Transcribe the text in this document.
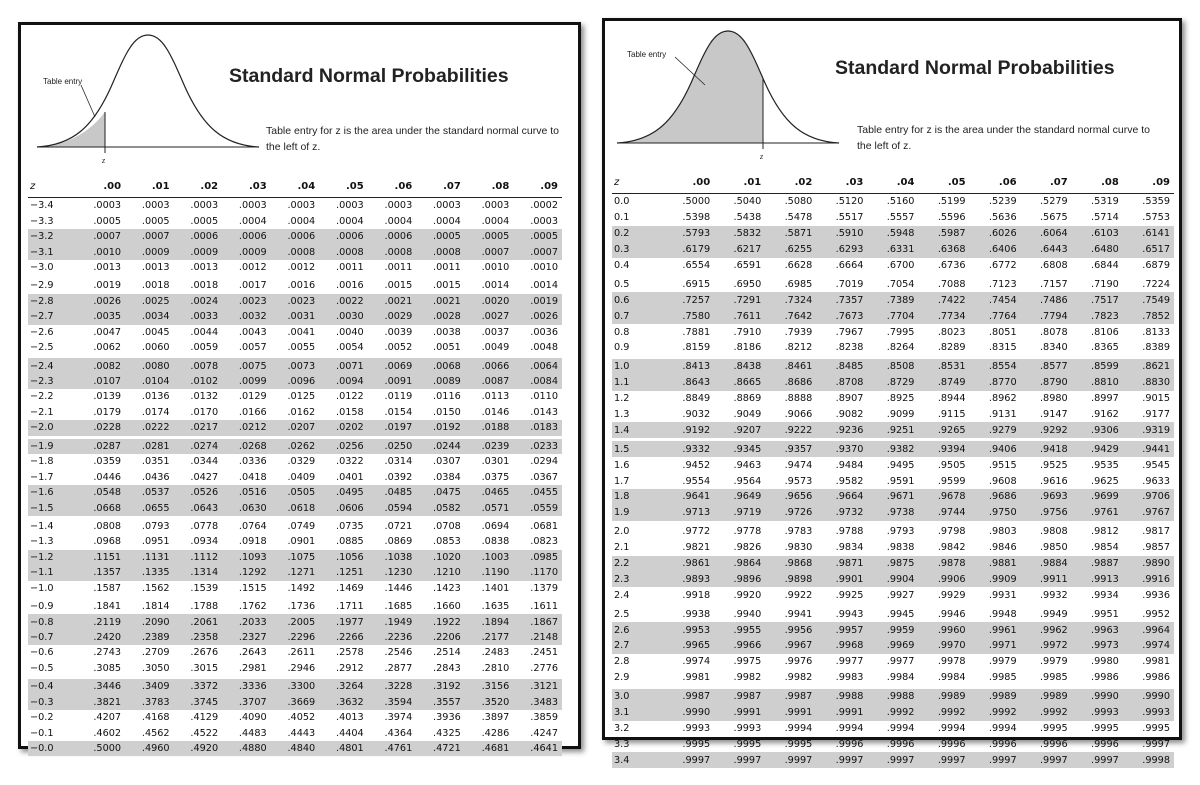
Table entry
z
Standard Normal Probabilities
Table entry for z is the area under the standard normal curve to the left of z.
z	.00	.01	.02	.03	.04	.05	.06	.07	.08	.09
−3.4	.0003	.0003	.0003	.0003	.0003	.0003	.0003	.0003	.0003	.0002
−3.3	.0005	.0005	.0005	.0004	.0004	.0004	.0004	.0004	.0004	.0003
−3.2	.0007	.0007	.0006	.0006	.0006	.0006	.0006	.0005	.0005	.0005
−3.1	.0010	.0009	.0009	.0009	.0008	.0008	.0008	.0008	.0007	.0007
−3.0	.0013	.0013	.0013	.0012	.0012	.0011	.0011	.0011	.0010	.0010
−2.9	.0019	.0018	.0018	.0017	.0016	.0016	.0015	.0015	.0014	.0014
−2.8	.0026	.0025	.0024	.0023	.0023	.0022	.0021	.0021	.0020	.0019
−2.7	.0035	.0034	.0033	.0032	.0031	.0030	.0029	.0028	.0027	.0026
−2.6	.0047	.0045	.0044	.0043	.0041	.0040	.0039	.0038	.0037	.0036
−2.5	.0062	.0060	.0059	.0057	.0055	.0054	.0052	.0051	.0049	.0048
−2.4	.0082	.0080	.0078	.0075	.0073	.0071	.0069	.0068	.0066	.0064
−2.3	.0107	.0104	.0102	.0099	.0096	.0094	.0091	.0089	.0087	.0084
−2.2	.0139	.0136	.0132	.0129	.0125	.0122	.0119	.0116	.0113	.0110
−2.1	.0179	.0174	.0170	.0166	.0162	.0158	.0154	.0150	.0146	.0143
−2.0	.0228	.0222	.0217	.0212	.0207	.0202	.0197	.0192	.0188	.0183
−1.9	.0287	.0281	.0274	.0268	.0262	.0256	.0250	.0244	.0239	.0233
−1.8	.0359	.0351	.0344	.0336	.0329	.0322	.0314	.0307	.0301	.0294
−1.7	.0446	.0436	.0427	.0418	.0409	.0401	.0392	.0384	.0375	.0367
−1.6	.0548	.0537	.0526	.0516	.0505	.0495	.0485	.0475	.0465	.0455
−1.5	.0668	.0655	.0643	.0630	.0618	.0606	.0594	.0582	.0571	.0559
−1.4	.0808	.0793	.0778	.0764	.0749	.0735	.0721	.0708	.0694	.0681
−1.3	.0968	.0951	.0934	.0918	.0901	.0885	.0869	.0853	.0838	.0823
−1.2	.1151	.1131	.1112	.1093	.1075	.1056	.1038	.1020	.1003	.0985
−1.1	.1357	.1335	.1314	.1292	.1271	.1251	.1230	.1210	.1190	.1170
−1.0	.1587	.1562	.1539	.1515	.1492	.1469	.1446	.1423	.1401	.1379
−0.9	.1841	.1814	.1788	.1762	.1736	.1711	.1685	.1660	.1635	.1611
−0.8	.2119	.2090	.2061	.2033	.2005	.1977	.1949	.1922	.1894	.1867
−0.7	.2420	.2389	.2358	.2327	.2296	.2266	.2236	.2206	.2177	.2148
−0.6	.2743	.2709	.2676	.2643	.2611	.2578	.2546	.2514	.2483	.2451
−0.5	.3085	.3050	.3015	.2981	.2946	.2912	.2877	.2843	.2810	.2776
−0.4	.3446	.3409	.3372	.3336	.3300	.3264	.3228	.3192	.3156	.3121
−0.3	.3821	.3783	.3745	.3707	.3669	.3632	.3594	.3557	.3520	.3483
−0.2	.4207	.4168	.4129	.4090	.4052	.4013	.3974	.3936	.3897	.3859
−0.1	.4602	.4562	.4522	.4483	.4443	.4404	.4364	.4325	.4286	.4247
−0.0	.5000	.4960	.4920	.4880	.4840	.4801	.4761	.4721	.4681	.4641
Table entry
z
Standard Normal Probabilities
Table entry for z is the area under the standard normal curve to the left of z.
z	.00	.01	.02	.03	.04	.05	.06	.07	.08	.09
0.0	.5000	.5040	.5080	.5120	.5160	.5199	.5239	.5279	.5319	.5359
0.1	.5398	.5438	.5478	.5517	.5557	.5596	.5636	.5675	.5714	.5753
0.2	.5793	.5832	.5871	.5910	.5948	.5987	.6026	.6064	.6103	.6141
0.3	.6179	.6217	.6255	.6293	.6331	.6368	.6406	.6443	.6480	.6517
0.4	.6554	.6591	.6628	.6664	.6700	.6736	.6772	.6808	.6844	.6879
0.5	.6915	.6950	.6985	.7019	.7054	.7088	.7123	.7157	.7190	.7224
0.6	.7257	.7291	.7324	.7357	.7389	.7422	.7454	.7486	.7517	.7549
0.7	.7580	.7611	.7642	.7673	.7704	.7734	.7764	.7794	.7823	.7852
0.8	.7881	.7910	.7939	.7967	.7995	.8023	.8051	.8078	.8106	.8133
0.9	.8159	.8186	.8212	.8238	.8264	.8289	.8315	.8340	.8365	.8389
1.0	.8413	.8438	.8461	.8485	.8508	.8531	.8554	.8577	.8599	.8621
1.1	.8643	.8665	.8686	.8708	.8729	.8749	.8770	.8790	.8810	.8830
1.2	.8849	.8869	.8888	.8907	.8925	.8944	.8962	.8980	.8997	.9015
1.3	.9032	.9049	.9066	.9082	.9099	.9115	.9131	.9147	.9162	.9177
1.4	.9192	.9207	.9222	.9236	.9251	.9265	.9279	.9292	.9306	.9319
1.5	.9332	.9345	.9357	.9370	.9382	.9394	.9406	.9418	.9429	.9441
1.6	.9452	.9463	.9474	.9484	.9495	.9505	.9515	.9525	.9535	.9545
1.7	.9554	.9564	.9573	.9582	.9591	.9599	.9608	.9616	.9625	.9633
1.8	.9641	.9649	.9656	.9664	.9671	.9678	.9686	.9693	.9699	.9706
1.9	.9713	.9719	.9726	.9732	.9738	.9744	.9750	.9756	.9761	.9767
2.0	.9772	.9778	.9783	.9788	.9793	.9798	.9803	.9808	.9812	.9817
2.1	.9821	.9826	.9830	.9834	.9838	.9842	.9846	.9850	.9854	.9857
2.2	.9861	.9864	.9868	.9871	.9875	.9878	.9881	.9884	.9887	.9890
2.3	.9893	.9896	.9898	.9901	.9904	.9906	.9909	.9911	.9913	.9916
2.4	.9918	.9920	.9922	.9925	.9927	.9929	.9931	.9932	.9934	.9936
2.5	.9938	.9940	.9941	.9943	.9945	.9946	.9948	.9949	.9951	.9952
2.6	.9953	.9955	.9956	.9957	.9959	.9960	.9961	.9962	.9963	.9964
2.7	.9965	.9966	.9967	.9968	.9969	.9970	.9971	.9972	.9973	.9974
2.8	.9974	.9975	.9976	.9977	.9977	.9978	.9979	.9979	.9980	.9981
2.9	.9981	.9982	.9982	.9983	.9984	.9984	.9985	.9985	.9986	.9986
3.0	.9987	.9987	.9987	.9988	.9988	.9989	.9989	.9989	.9990	.9990
3.1	.9990	.9991	.9991	.9991	.9992	.9992	.9992	.9992	.9993	.9993
3.2	.9993	.9993	.9994	.9994	.9994	.9994	.9994	.9995	.9995	.9995
3.3	.9995	.9995	.9995	.9996	.9996	.9996	.9996	.9996	.9996	.9997
3.4	.9997	.9997	.9997	.9997	.9997	.9997	.9997	.9997	.9997	.9998
